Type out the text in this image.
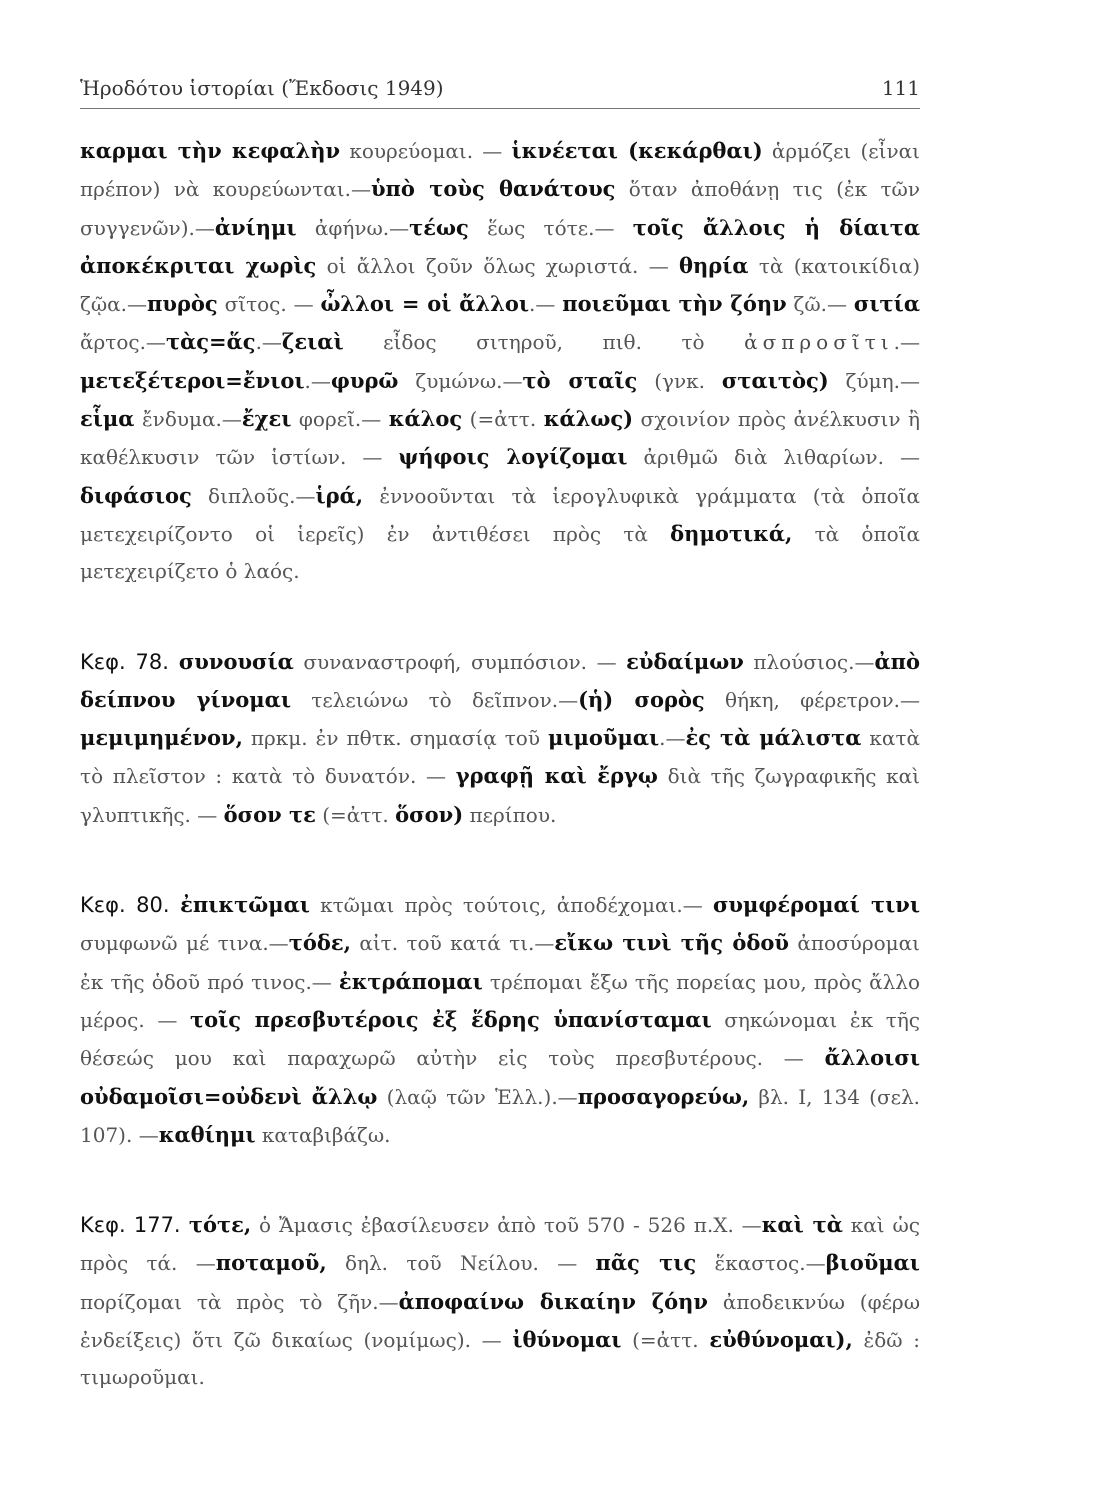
Ἡροδότου ἱστορίαι (Ἔκδοσις 1949)	111

καρμαι τὴν κεφαλὴν κουρεύομαι. — ἱκνέεται (κεκάρθαι) ἁρμόζει (εἶναι πρέπον) νὰ κουρεύωνται.—ὑπὸ τοὺς θανάτους ὅταν ἀποθάνῃ τις (ἐκ τῶν συγγενῶν).—ἀνίημι ἀφήνω.—τέως ἕως τότε.— τοῖς ἄλλοις ἡ δίαιτα ἀποκέκριται χωρὶς οἱ ἄλλοι ζοῦν ὅλως χωριστά. — θηρία τὰ (κατοικίδια) ζῷα.—πυρὸς σῖτος. — ὦλλοι = οἱ ἄλλοι.— ποιεῦμαι τὴν ζόην ζῶ.— σιτία ἄρτος.—τὰς=ἅς.—ζειαὶ εἶδος σιτηροῦ, πιθ. τὸ ἀσπροσῖτι.—μετεξέτεροι=ἔνιοι.—φυρῶ ζυμώνω.—τὸ σταῖς (γνκ. σταιτὸς) ζύμη.—εἷμα ἔνδυμα.—ἔχει φορεῖ.— κάλος (=ἀττ. κάλως) σχοινίον πρὸς ἀνέλκυσιν ἢ καθέλκυσιν τῶν ἱστίων. — ψήφοις λογίζομαι ἀριθμῶ διὰ λιθαρίων. — διφάσιος διπλοῦς.—ἱρά, ἐννοοῦνται τὰ ἱερογλυφικὰ γράμματα (τὰ ὁποῖα μετεχειρίζοντο οἱ ἱερεῖς) ἐν ἀντιθέσει πρὸς τὰ δημοτικά, τὰ ὁποῖα μετεχειρίζετο ὁ λαός.

Κεφ. 78. συνουσία συναναστροφή, συμπόσιον. — εὐδαίμων πλούσιος.—ἀπὸ δείπνου γίνομαι τελειώνω τὸ δεῖπνον.—(ἡ) σορὸς θήκη, φέρετρον.—μεμιμημένον, πρκμ. ἐν πθτκ. σημασίᾳ τοῦ μιμοῦμαι.—ἐς τὰ μάλιστα κατὰ τὸ πλεῖστον : κατὰ τὸ δυνατόν. — γραφῇ καὶ ἔργῳ διὰ τῆς ζωγραφικῆς καὶ γλυπτικῆς. — ὅσον τε (=ἀττ. ὅσον) περίπου.

Κεφ. 80. ἐπικτῶμαι κτῶμαι πρὸς τούτοις, ἀποδέχομαι.— συμφέρομαί τινι συμφωνῶ μέ τινα.—τόδε, αἰτ. τοῦ κατά τι.—εἴκω τινὶ τῆς ὁδοῦ ἀποσύρομαι ἐκ τῆς ὁδοῦ πρό τινος.— ἐκτράπομαι τρέπομαι ἔξω τῆς πορείας μου, πρὸς ἄλλο μέρος. — τοῖς πρεσβυτέροις ἐξ ἕδρης ὑπανίσταμαι σηκώνομαι ἐκ τῆς θέσεώς μου καὶ παραχωρῶ αὐτὴν εἰς τοὺς πρεσβυτέρους. — ἄλλοισι οὐδαμοῖσι=οὐδενὶ ἄλλῳ (λαῷ τῶν Ἑλλ.).—προσαγορεύω, βλ. I, 134 (σελ. 107). —καθίημι καταβιβάζω.

Κεφ. 177. τότε, ὁ Ἄμασις ἐβασίλευσεν ἀπὸ τοῦ 570 - 526 π.Χ. —καὶ τὰ καὶ ὡς πρὸς τά. —ποταμοῦ, δηλ. τοῦ Νείλου. — πᾶς τις ἕκαστος.—βιοῦμαι πορίζομαι τὰ πρὸς τὸ ζῆν.—ἀποφαίνω δικαίην ζόην ἀποδεικνύω (φέρω ἐνδείξεις) ὅτι ζῶ δικαίως (νομίμως). — ἰθύνομαι (=ἀττ. εὐθύνομαι), ἐδῶ : τιμωροῦμαι.
